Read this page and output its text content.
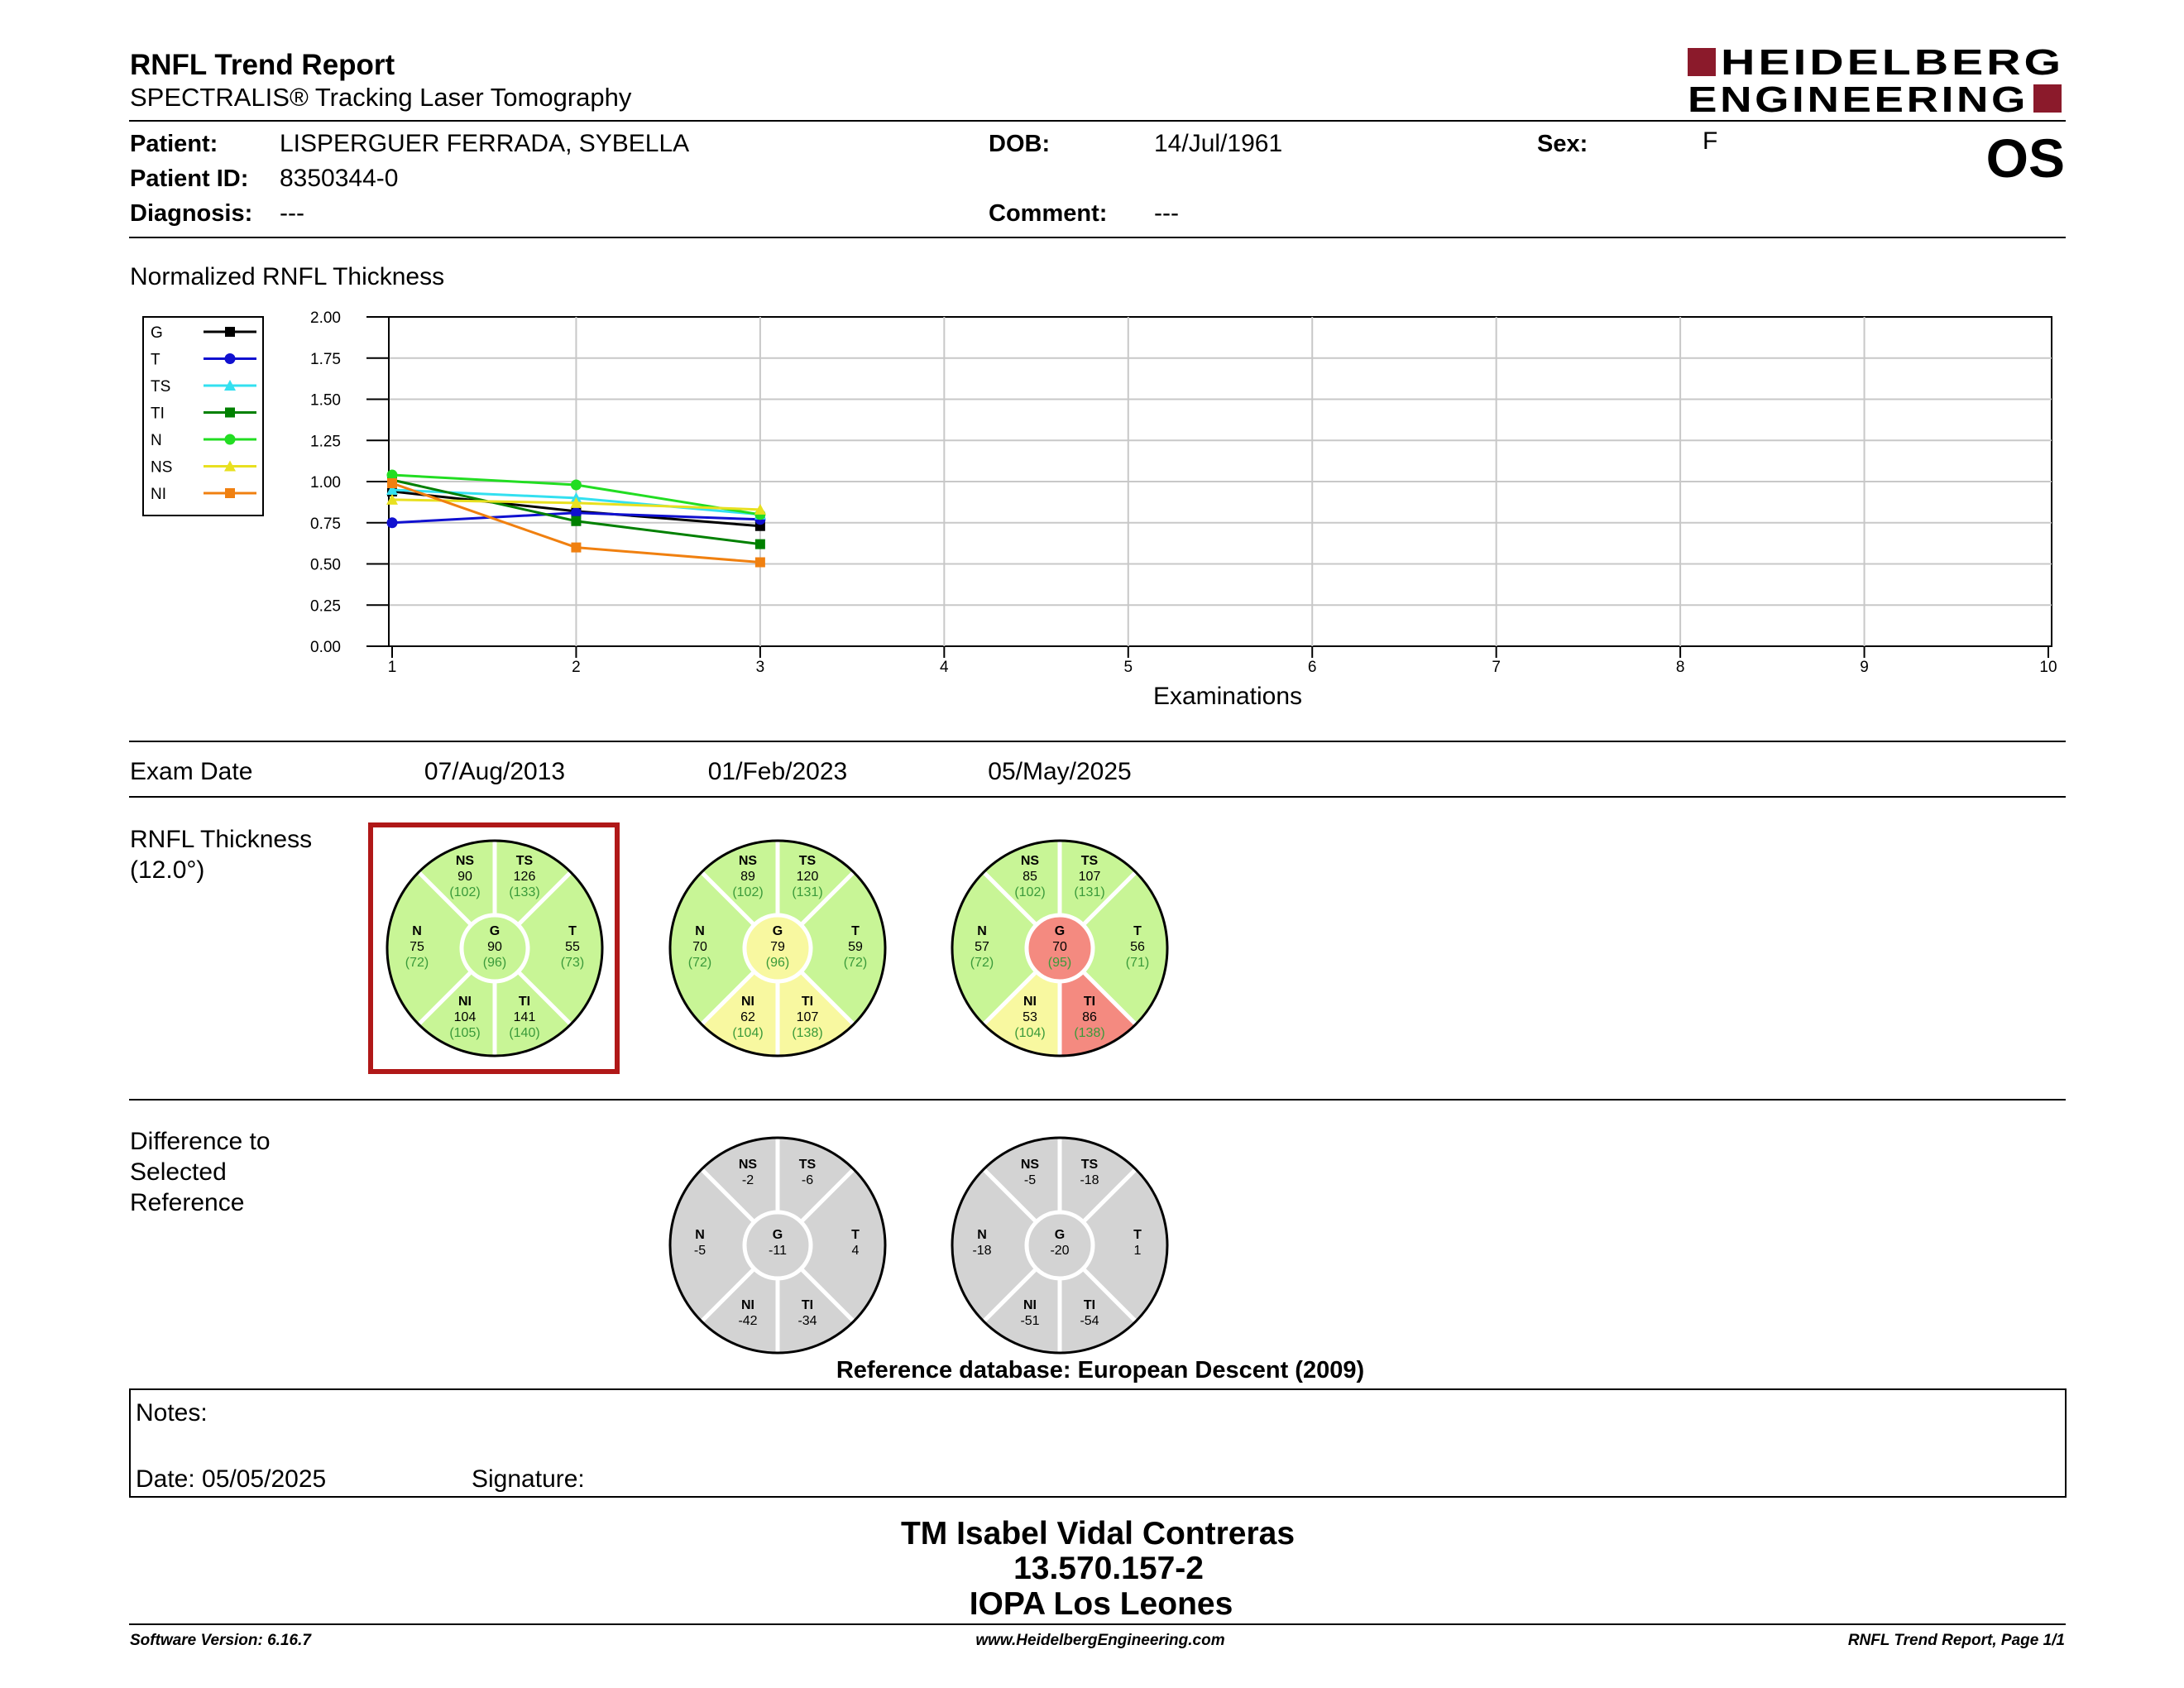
RNFL Trend Report
SPECTRALIS® Tracking Laser Tomography
HEIDELBERG
ENGINEERING
Patient: LISPERGUER FERRADA, SYBELLA
Patient ID: 8350344-0
Diagnosis: ---
DOB:	14/Jul/1961
Comment: ---
Sex:	F	OS
Normalized RNFL Thickness
G
T
TS
TI
N
NS
NI
0.00
0.25
0.50
0.75
1.00
1.25
1.50
1.75
2.00
1	2	3	4	5	6	7	8	9	10
Examinations
Exam Date	07/Aug/2013	01/Feb/2023	05/May/2025
RNFL Thickness
(12.0°)
G
90
(96)
T
55
(73)
TI
141
(140)
NI
104
(105)
N
75
(72)
NS
90
(102)
TS
126
(133)
G
79
(96)
T
59
(72)
TI
107
(138)
NI
62
(104)
N
70
(72)
NS
89
(102)
TS
120
(131)
G
70
(95)
T
56
(71)
TI
86
(138)
NI
53
(104)
N
57
(72)
NS
85
(102)
TS
107
(131)
Difference to
Selected
Reference
G
-11
T
4
TI
-34
NI
-42
N
-5
NS
-2
TS
-6
G
-20
T
1
TI
-54
NI
-51
N
-18
NS
-5
TS
-18
Reference database: European Descent (2009)
Notes:
Date: 05/05/2025	Signature:
TM Isabel Vidal Contreras
13.570.157-2
IOPA Los Leones
Software Version: 6.16.7	www.HeidelbergEngineering.com	RNFL Trend Report, Page 1/1
